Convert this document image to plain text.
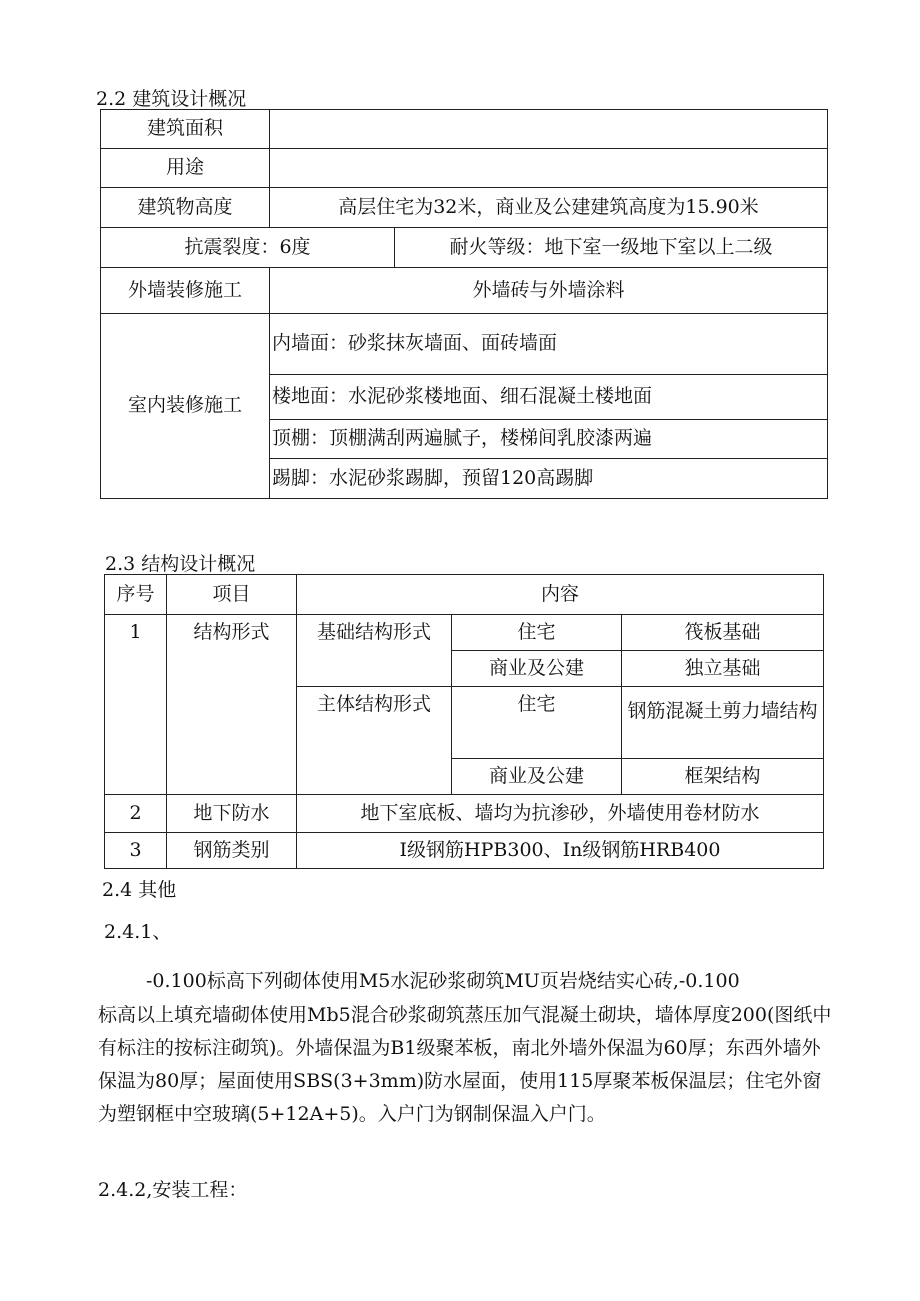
2.2 建筑设计概况
建筑面积		
用途		
建筑物高度	高层住宅为32米，商业及公建建筑高度为15.90米	
抗震裂度：6度		耐火等级：地下室一级地下室以上二级
外墙装修施工	外墙砖与外墙涂料	
室内装修施工	内墙面：砂浆抹灰墙面、面砖墙面	
	楼地面：水泥砂浆楼地面、细石混凝土楼地面	
	顶棚：顶棚满刮两遍腻子，楼梯间乳胶漆两遍	
	踢脚：水泥砂浆踢脚，预留120高踢脚	
2.3 结构设计概况
序号	项目	内容		
1	结构形式	基础结构形式	住宅	筏板基础
			商业及公建	独立基础
		主体结构形式	住宅	钢筋混凝土剪力墙结构

			商业及公建	框架结构
2	地下防水	地下室底板、墙均为抗渗砂，外墙使用卷材防水		
3	钢筋类别	I级钢筋HPB300、In级钢筋HRB400		
2.4 其他
2.4.1、
-0.100标高下列砌体使用M5水泥砂浆砌筑MU页岩烧结实心砖,-0.100
标高以上填充墙砌体使用Mb5混合砂浆砌筑蒸压加气混凝土砌块，墙体厚度200(图纸中有标注的按标注砌筑)。外墙保温为B1级聚苯板，南北外墙外保温为60厚；东西外墙外保温为80厚；屋面使用SBS(3+3mm)防水屋面，使用115厚聚苯板保温层；住宅外窗为塑钢框中空玻璃(5+12A+5)。入户门为钢制保温入户门。
2.4.2,安装工程：
